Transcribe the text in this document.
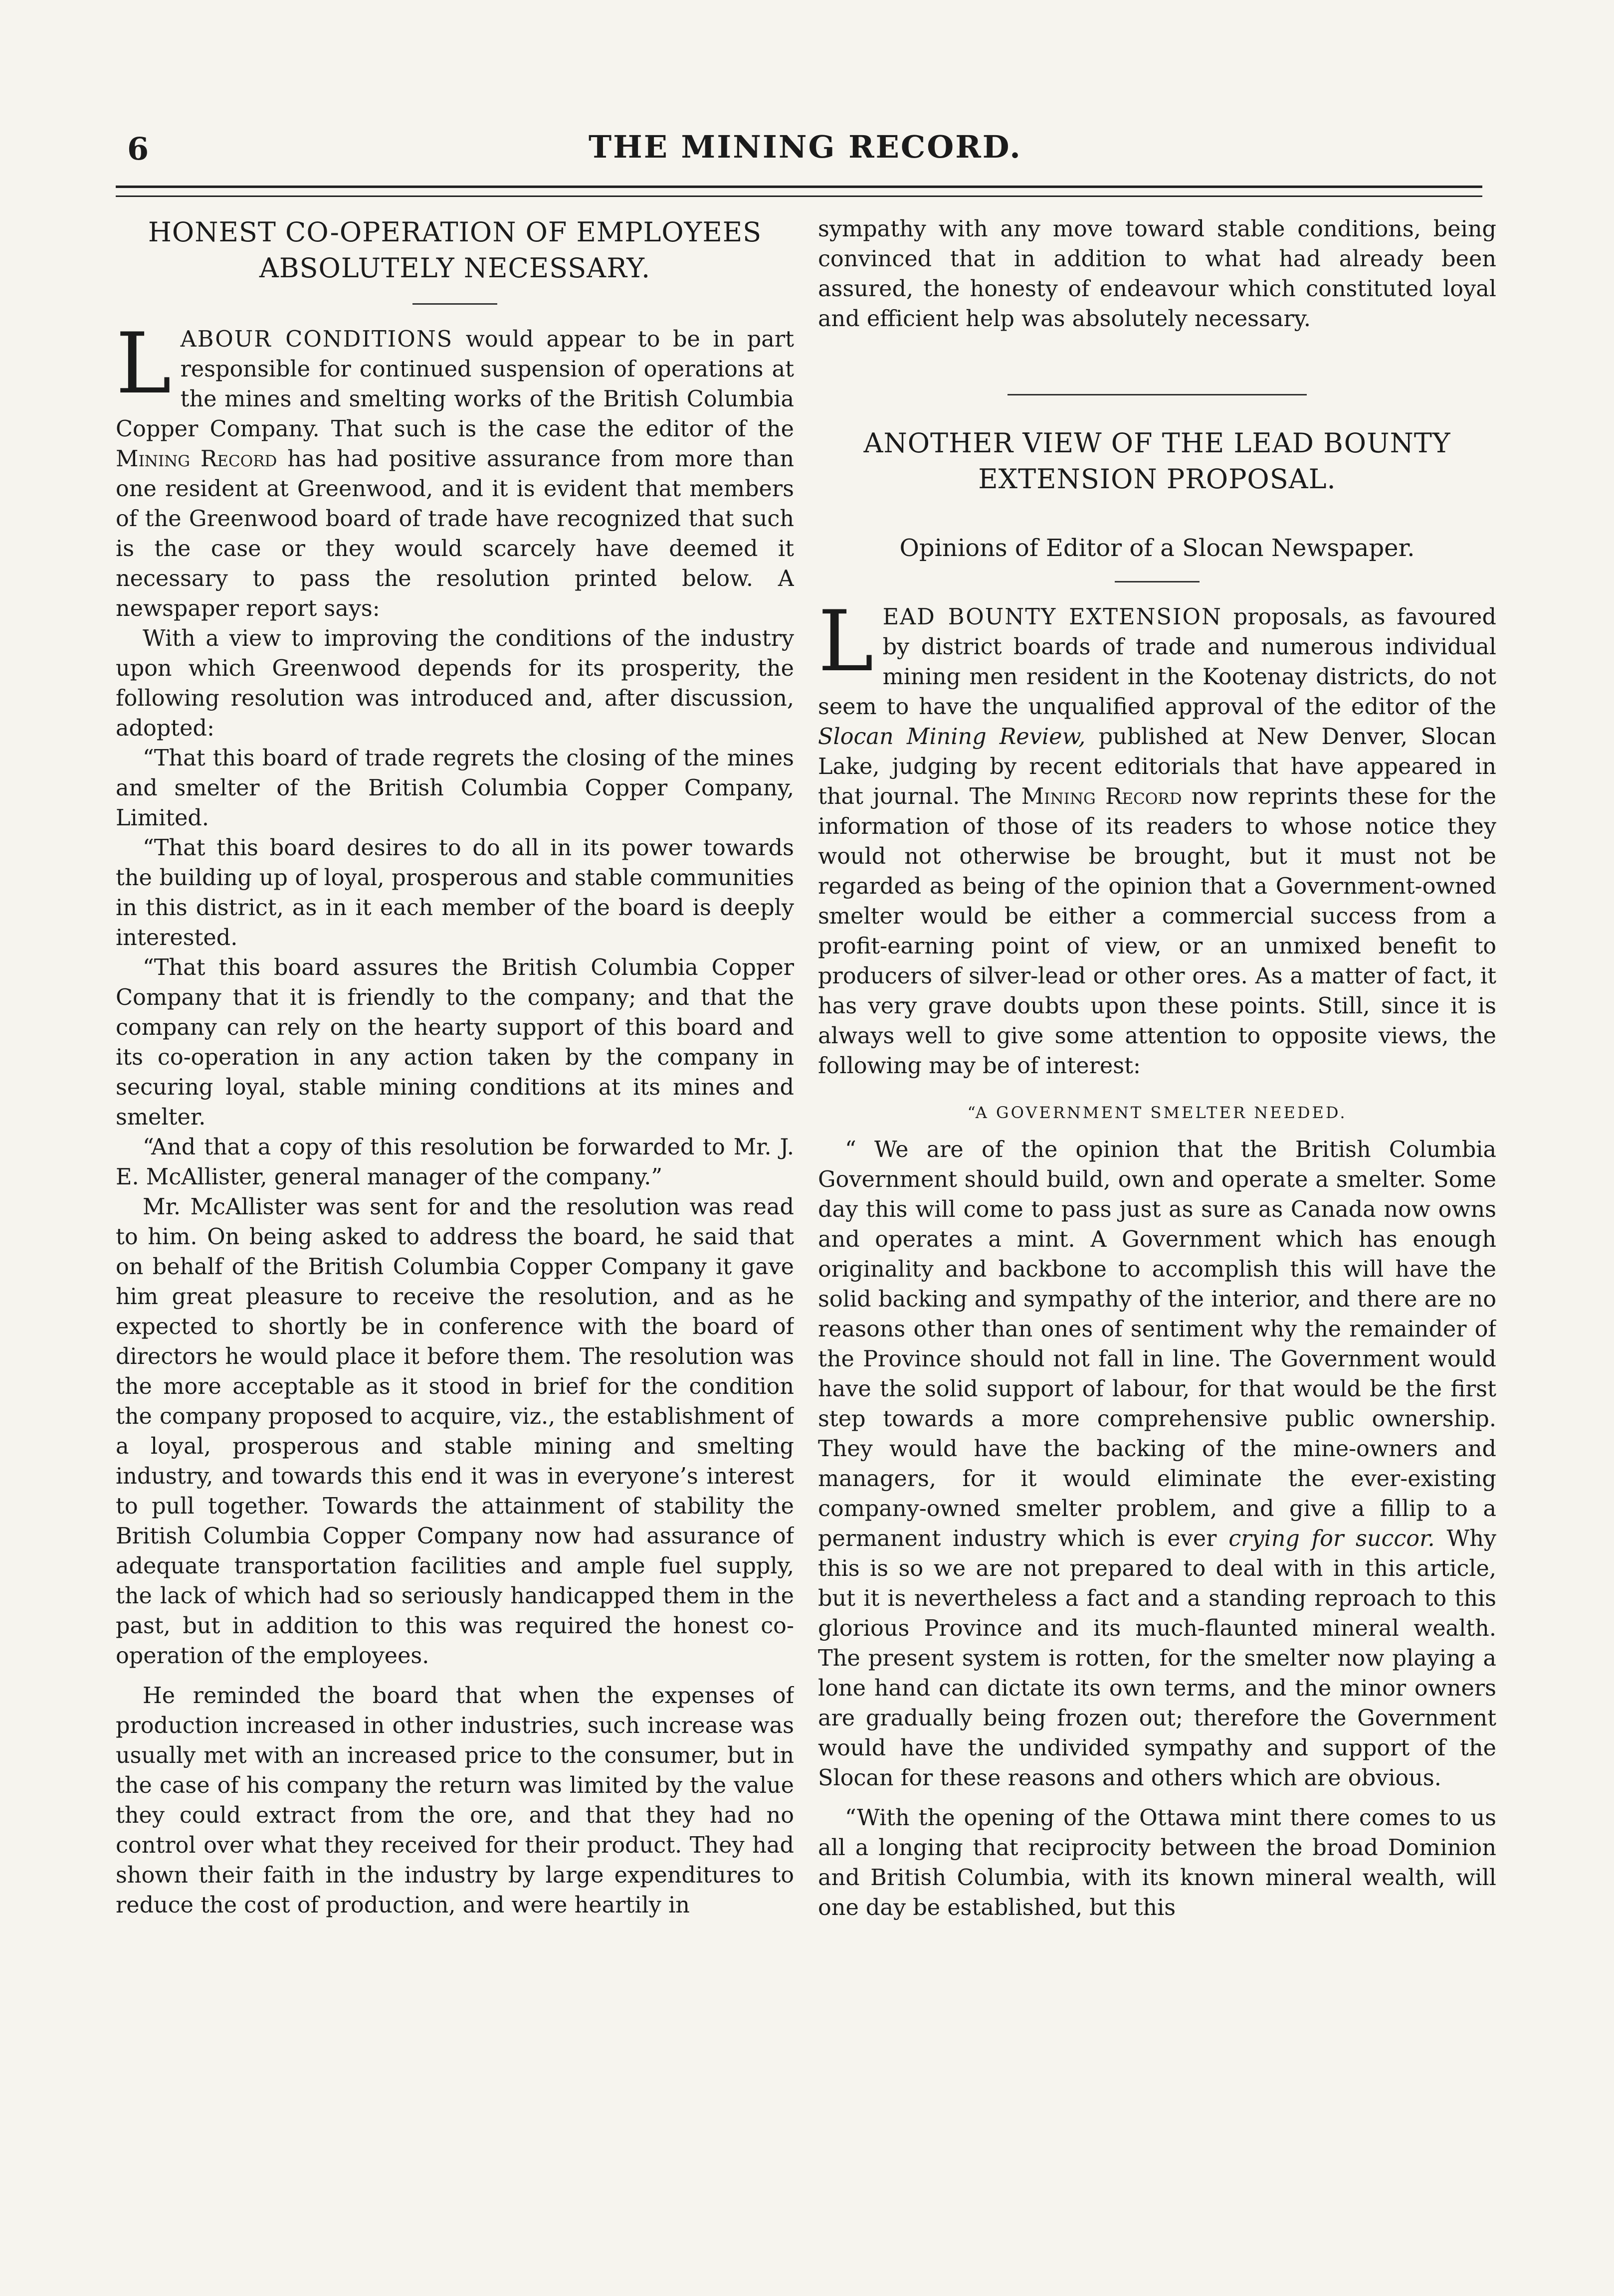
6	THE MINING RECORD.
HONEST CO-OPERATION OF EMPLOYEES ABSOLUTELY NECESSARY.

LABOUR CONDITIONS would appear to be in part responsible for continued suspension of operations at the mines and smelting works of the British Columbia Copper Company. That such is the case the editor of the Mining Record has had positive assurance from more than one resident at Greenwood, and it is evident that members of the Greenwood board of trade have recognized that such is the case or they would scarcely have deemed it necessary to pass the resolution printed below. A newspaper report says:

With a view to improving the conditions of the industry upon which Greenwood depends for its prosperity, the following resolution was introduced and, after discussion, adopted:

“That this board of trade regrets the closing of the mines and smelter of the British Columbia Copper Company, Limited.

“That this board desires to do all in its power towards the building up of loyal, prosperous and stable communities in this district, as in it each member of the board is deeply interested.

“That this board assures the British Columbia Copper Company that it is friendly to the company; and that the company can rely on the hearty support of this board and its co-operation in any action taken by the company in securing loyal, stable mining conditions at its mines and smelter.

“And that a copy of this resolution be forwarded to Mr. J. E. McAllister, general manager of the company.”

Mr. McAllister was sent for and the resolution was read to him. On being asked to address the board, he said that on behalf of the British Columbia Copper Company it gave him great pleasure to receive the resolution, and as he expected to shortly be in conference with the board of directors he would place it before them. The resolution was the more acceptable as it stood in brief for the condition the company proposed to acquire, viz., the establishment of a loyal, prosperous and stable mining and smelting industry, and towards this end it was in everyone’s interest to pull together. Towards the attainment of stability the British Columbia Copper Company now had assurance of adequate transportation facilities and ample fuel supply, the lack of which had so seriously handicapped them in the past, but in addition to this was required the honest co-operation of the employees.

He reminded the board that when the expenses of production increased in other industries, such increase was usually met with an increased price to the consumer, but in the case of his company the return was limited by the value they could extract from the ore, and that they had no control over what they received for their product. They had shown their faith in the industry by large expenditures to reduce the cost of production, and were heartily in

sympathy with any move toward stable conditions, being convinced that in addition to what had already been assured, the honesty of endeavour which constituted loyal and efficient help was absolutely necessary.

ANOTHER VIEW OF THE LEAD BOUNTY EXTENSION PROPOSAL.
Opinions of Editor of a Slocan Newspaper.

LEAD BOUNTY EXTENSION proposals, as favoured by district boards of trade and numerous individual mining men resident in the Kootenay districts, do not seem to have the unqualified approval of the editor of the Slocan Mining Review, published at New Denver, Slocan Lake, judging by recent editorials that have appeared in that journal. The Mining Record now reprints these for the information of those of its readers to whose notice they would not otherwise be brought, but it must not be regarded as being of the opinion that a Government-owned smelter would be either a commercial success from a profit-earning point of view, or an unmixed benefit to producers of silver-lead or other ores. As a matter of fact, it has very grave doubts upon these points. Still, since it is always well to give some attention to opposite views, the following may be of interest:

“A GOVERNMENT SMELTER NEEDED.

“ We are of the opinion that the British Columbia Government should build, own and operate a smelter. Some day this will come to pass just as sure as Canada now owns and operates a mint. A Government which has enough originality and backbone to accomplish this will have the solid backing and sympathy of the interior, and there are no reasons other than ones of sentiment why the remainder of the Province should not fall in line. The Government would have the solid support of labour, for that would be the first step towards a more comprehensive public ownership. They would have the backing of the mine-owners and managers, for it would eliminate the ever-existing company-owned smelter problem, and give a fillip to a permanent industry which is ever crying for succor. Why this is so we are not prepared to deal with in this article, but it is nevertheless a fact and a standing reproach to this glorious Province and its much-flaunted mineral wealth. The present system is rotten, for the smelter now playing a lone hand can dictate its own terms, and the minor owners are gradually being frozen out; therefore the Government would have the undivided sympathy and support of the Slocan for these reasons and others which are obvious.

“With the opening of the Ottawa mint there comes to us all a longing that reciprocity between the broad Dominion and British Columbia, with its known mineral wealth, will one day be established, but this
